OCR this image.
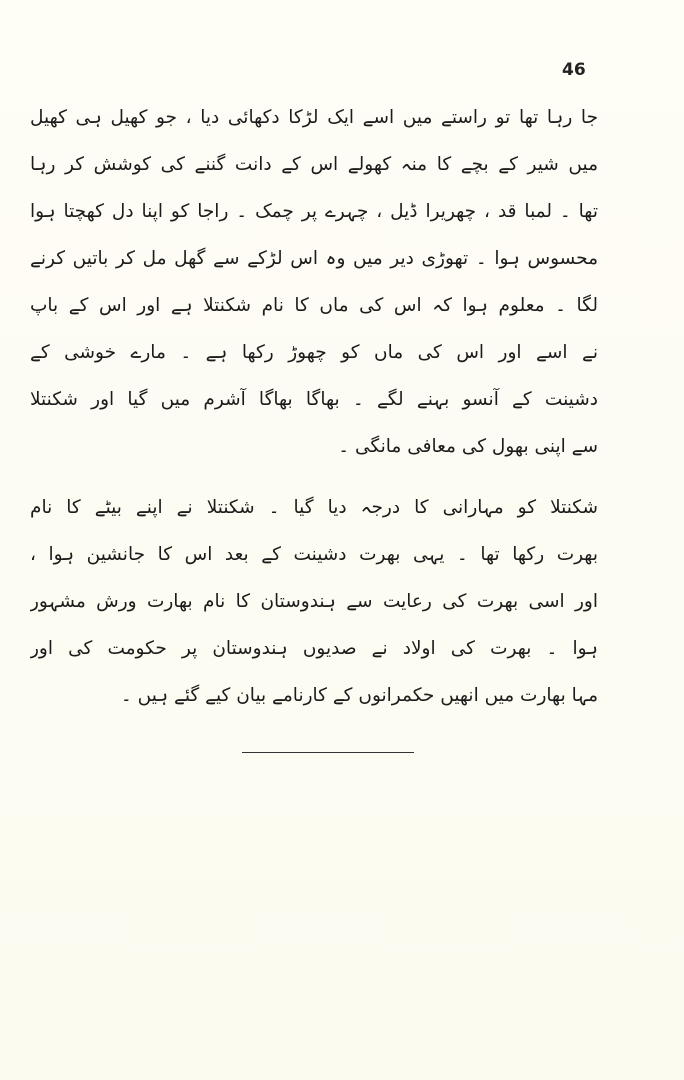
46
جا رہا تھا تو راستے میں اسے ایک لڑکا دکھائی دیا ، جو کھیل ہی کھیل
میں شیر کے بچے کا منہ کھولے اس کے دانت گننے کی کوشش کر رہا
تھا ۔ لمبا قد ، چھریرا ڈیل ، چہرے پر چمک ۔ راجا کو اپنا دل کھچتا ہوا
محسوس ہوا ۔ تھوڑی دیر میں وہ اس لڑکے سے گھل مل کر باتیں کرنے
لگا ۔ معلوم ہوا کہ اس کی ماں کا نام شکنتلا ہے اور اس کے باپ
نے اسے اور اس کی ماں کو چھوڑ رکھا ہے ۔ مارے خوشی کے
دشینت کے آنسو بہنے لگے ۔ بھاگا بھاگا آشرم میں گیا اور شکنتلا
سے اپنی بھول کی معافی مانگی ۔
شکنتلا کو مہارانی کا درجہ دیا گیا ۔ شکنتلا نے اپنے بیٹے کا نام
بھرت رکھا تھا ۔ یہی بھرت دشینت کے بعد اس کا جانشین ہوا ،
اور اسی بھرت کی رعایت سے ہندوستان کا نام بھارت ورش مشہور
ہوا ۔ بھرت کی اولاد نے صدیوں ہندوستان پر حکومت کی اور
مہا بھارت میں انھیں حکمرانوں کے کارنامے بیان کیے گئے ہیں ۔
